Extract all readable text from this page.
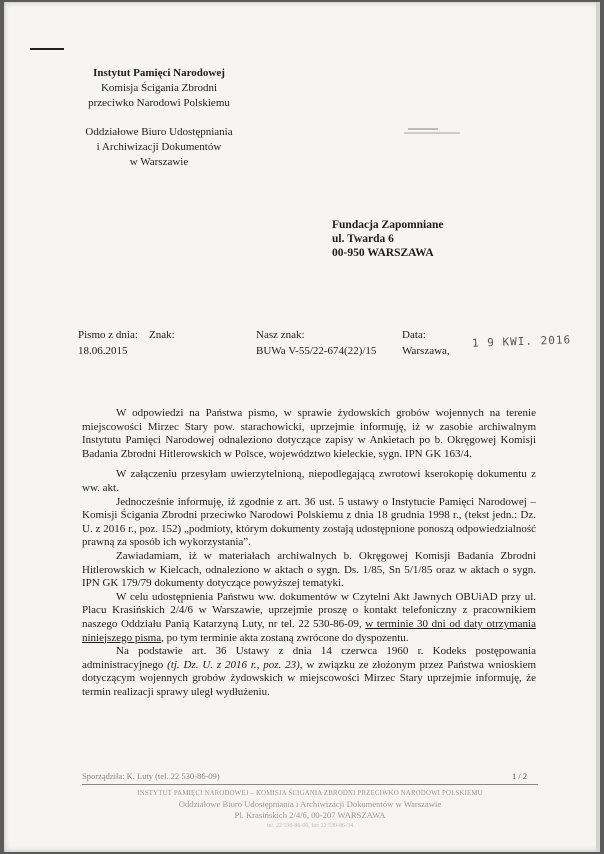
Instytut Pamięci Narodowej
Komisja Ścigania Zbrodni
przeciwko Narodowi Polskiemu
Oddziałowe Biuro Udostępniania
i Archiwizacji Dokumentów
w Warszawie
Fundacja Zapomniane
ul. Twarda 6
00-950 WARSZAWA
Pismo z dnia: Znak:
18.06.2015
Nasz znak:
BUWa V-55/22-674(22)/15
Data:
Warszawa,
1 9 KWI. 2016

W odpowiedzi na Państwa pismo, w sprawie żydowskich grobów wojennych na terenie miejscowości Mirzec Stary pow. starachowicki, uprzejmie informuję, iż w zasobie archiwalnym Instytutu Pamięci Narodowej odnaleziono dotyczące zapisy w Ankietach po b. Okręgowej Komisji Badania Zbrodni Hitlerowskich w Polsce, województwo kieleckie, sygn. IPN GK 163/4.

W załączeniu przesyłam uwierzytelnioną, niepodlegającą zwrotowi kserokopię dokumentu z ww. akt.

Jednocześnie informuję, iż zgodnie z art. 36 ust. 5 ustawy o Instytucie Pamięci Narodowej – Komisji Ścigania Zbrodni przeciwko Narodowi Polskiemu z dnia 18 grudnia 1998 r., (tekst jedn.: Dz. U. z 2016 r., poz. 152) „podmioty, którym dokumenty zostają udostępnione ponoszą odpowiedzialność prawną za sposób ich wykorzystania”.

Zawiadamiam, iż w materiałach archiwalnych b. Okręgowej Komisji Badania Zbrodni Hitlerowskich w Kielcach, odnaleziono w aktach o sygn. Ds. 1/85, Sn 5/1/85 oraz w aktach o sygn. IPN GK 179/79 dokumenty dotyczące powyższej tematyki.

W celu udostępnienia Państwu ww. dokumentów w Czytelni Akt Jawnych OBUiAD przy ul. Placu Krasińskich 2/4/6 w Warszawie, uprzejmie proszę o kontakt telefoniczny z pracownikiem naszego Oddziału Panią Katarzyną Luty, nr tel. 22 530-86-09, w terminie 30 dni od daty otrzymania niniejszego pisma, po tym terminie akta zostaną zwrócone do dyspozentu.

Na podstawie art. 36 Ustawy z dnia 14 czerwca 1960 r. Kodeks postępowania administracyjnego (tj. Dz. U. z 2016 r., poz. 23), w związku ze złożonym przez Państwa wnioskiem dotyczącym wojennych grobów żydowskich w miejscowości Mirzec Stary uprzejmie informuję, że termin realizacji sprawy uległ wydłużeniu.

Sporządziła: K. Luty (tel. 22 530-86-09)	1 / 2
INSTYTUT PAMIĘCI NARODOWEJ – KOMISJA ŚCIGANIA ZBRODNI PRZECIWKO NARODOWI POLSKIEMU
Oddziałowe Biuro Udostępniania i Archiwizacji Dokumentów w Warszawie
Pl. Krasińskich 2/4/6, 00-207 WARSZAWA
tel. 22 530-86-00, fax 22 530-86-34
